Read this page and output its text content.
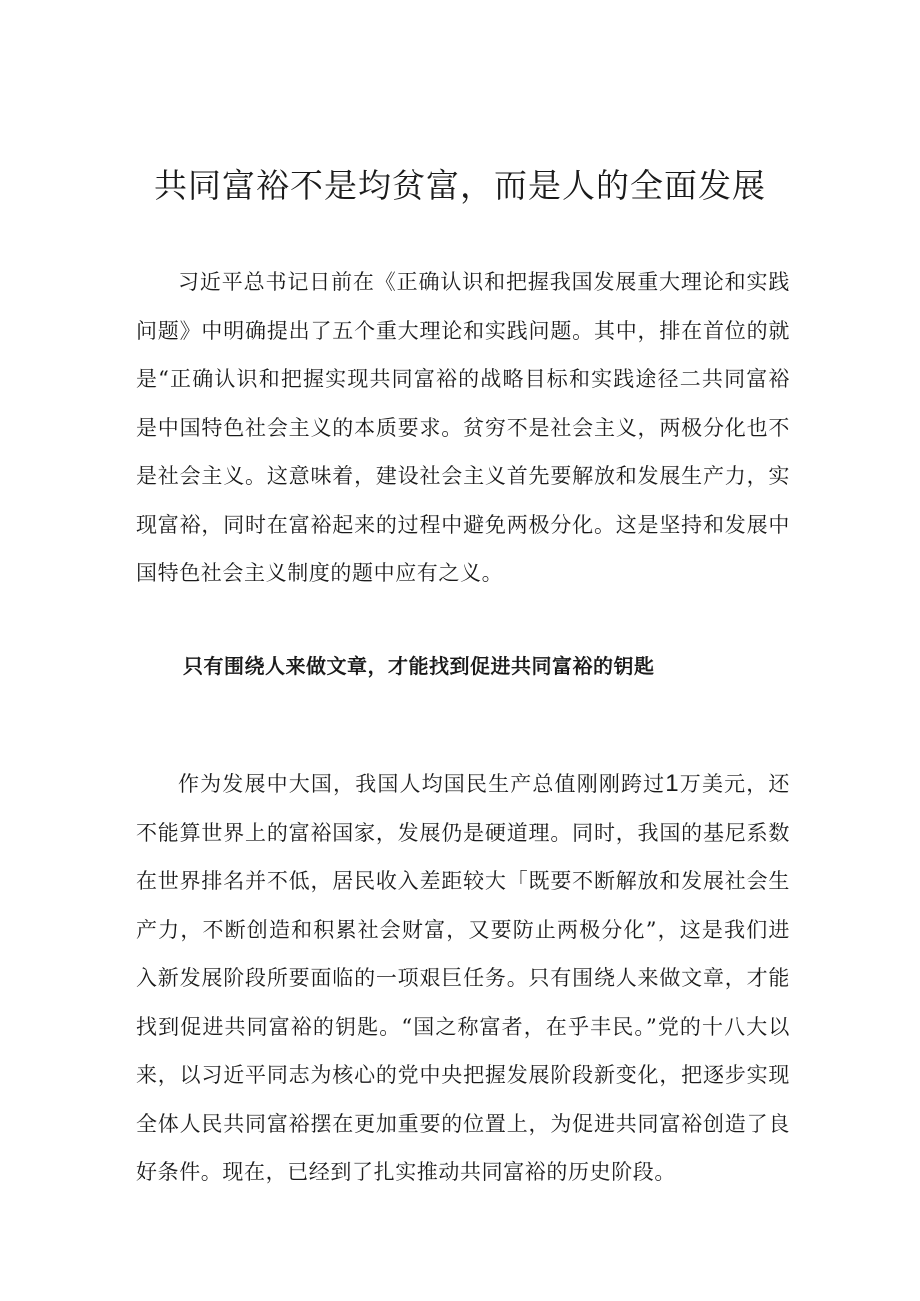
共同富裕不是均贫富，而是人的全面发展

习近平总书记日前在《正确认识和把握我国发展重大理论和实践问题》中明确提出了五个重大理论和实践问题。其中，排在首位的就是“正确认识和把握实现共同富裕的战略目标和实践途径二共同富裕是中国特色社会主义的本质要求。贫穷不是社会主义，两极分化也不是社会主义。这意味着，建设社会主义首先要解放和发展生产力，实现富裕，同时在富裕起来的过程中避免两极分化。这是坚持和发展中国特色社会主义制度的题中应有之义。

只有围绕人来做文章，才能找到促进共同富裕的钥匙

作为发展中大国，我国人均国民生产总值刚刚跨过1万美元，还不能算世界上的富裕国家，发展仍是硬道理。同时，我国的基尼系数在世界排名并不低，居民收入差距较大「既要不断解放和发展社会生产力，不断创造和积累社会财富，又要防止两极分化”，这是我们进入新发展阶段所要面临的一项艰巨任务。只有围绕人来做文章，才能找到促进共同富裕的钥匙。“国之称富者，在乎丰民。”党的十八大以来，以习近平同志为核心的党中央把握发展阶段新变化，把逐步实现全体人民共同富裕摆在更加重要的位置上，为促进共同富裕创造了良好条件。现在，已经到了扎实推动共同富裕的历史阶段。
